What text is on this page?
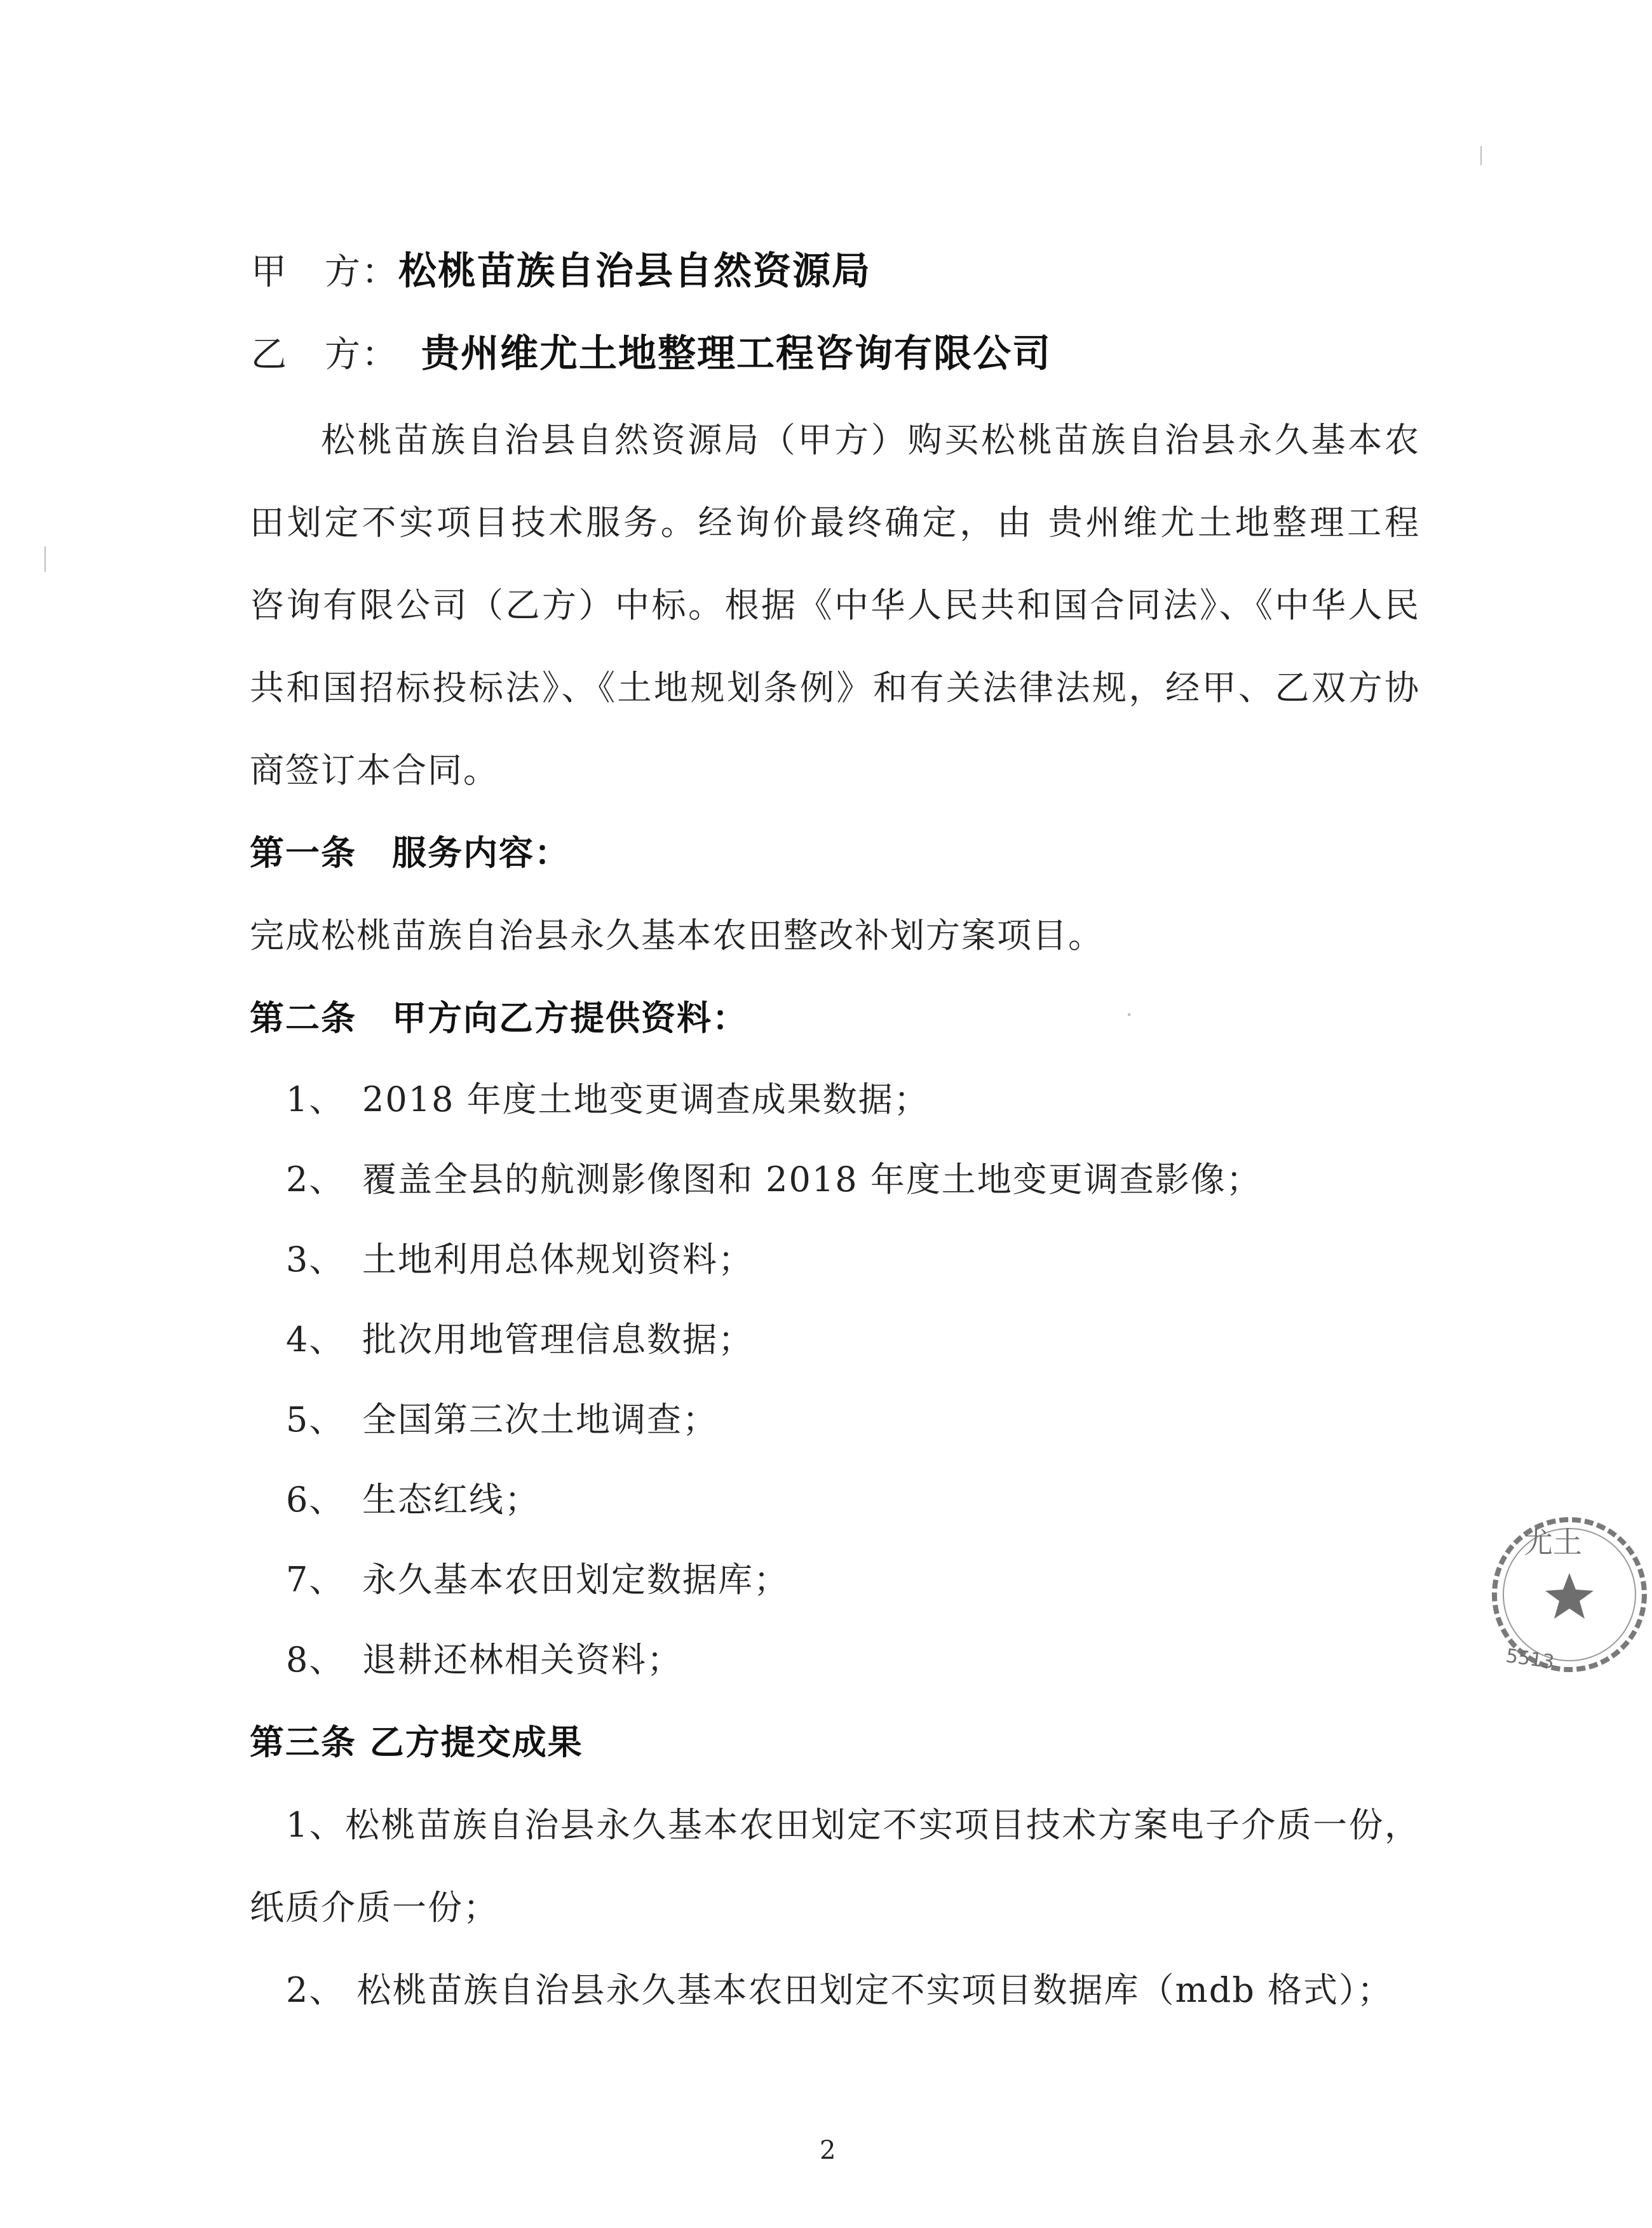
甲　方：松桃苗族自治县自然资源局
乙　方： 贵州维尤土地整理工程咨询有限公司
松桃苗族自治县自然资源局（甲方）购买松桃苗族自治县永久基本农
田划定不实项目技术服务。经询价最终确定，由 贵州维尤土地整理工程
咨询有限公司（乙方）中标。根据《中华人民共和国合同法》、《中华人民
共和国招标投标法》、《土地规划条例》和有关法律法规，经甲、乙双方协
商签订本合同。
第一条　服务内容：
完成松桃苗族自治县永久基本农田整改补划方案项目。
第二条　甲方向乙方提供资料：
1、 2018 年度土地变更调查成果数据；
2、 覆盖全县的航测影像图和 2018 年度土地变更调查影像；
3、 土地利用总体规划资料；
4、 批次用地管理信息数据；
5、 全国第三次土地调查；
6、 生态红线；
7、 永久基本农田划定数据库；
8、 退耕还林相关资料；
第三条 乙方提交成果
1、松桃苗族自治县永久基本农田划定不实项目技术方案电子介质一份，
纸质介质一份；
2、 松桃苗族自治县永久基本农田划定不实项目数据库（mdb 格式）；
2
尤土
5513
